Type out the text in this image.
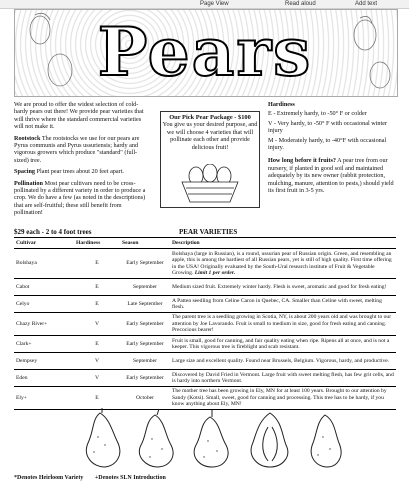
Page View	Read aloud	Add text
Pears

We are proud to offer the widest selection of cold-hardy pears out there! We provide pear varieties that will thrive where the standard commercial varieties will not make it.

Rootstock The rootstocks we use for our pears are Pyrus communis and Pyrus ussuriensis; hardy and vigorous growers which produce "standard" (full-sized) tree.

Spacing Plant pear trees about 20 feet apart.

Pollination Most pear cultivars need to be cross-pollinated by a different variety in order to produce a crop. We do have a few (as noted in the descriptions) that are self-fruitful; these still benefit from pollination!

Our Pick Pear Package - $100
You give us your desired purpose, and we will choose 4 varieties that will pollinate each other and provide delicious fruit!

Hardiness

E - Extremely hardy, to -50° F or colder

V - Very hardy, to -50° F with occasional winter injury

M - Moderately hardy, to -40°F with occasional injury.

How long before it fruits? A pear tree from our nursery, if planted in good soil and maintained adequately by its new owner (rabbit protection, mulching, manure, attention to pests,) should yield its first fruit in 3-5 yrs.

$29 each - 2 to 4 foot trees	PEAR VARIETIES
Cultivar	Hardiness	Season	Description
Bolshaya	E	Early September	Bolshaya (large in Russian), is a round, ussurian pear of Russian origin. Green, and resembling an apple, this is among the hardiest of all Russian pears, yet is still of high quality. First time offering in the USA! Originally evaluated by the South-Ural research institute of Fruit & Vegetable Growing. Limit 1 per order.
Cabot	E	September	Medium sized fruit. Extremely winter hardy. Flesh is sweet, aromatic and good for fresh eating!
Celyo	E	Late September	A Patten seedling from Celine Caron in Quebec, CA. Smaller than Celine with sweet, melting flesh.
Chazy River+	V	Early September	The parent tree is a seedling growing in Scotia, NY, is about 200 years old and was brought to our attention by Joe Lavorando. Fruit is small to medium in size, good for fresh eating and canning. Precocious bearer!
Clark+	E	Early September	Fruit is small, good for canning, and fair quality eating when ripe. Ripens all at once, and is not a keeper. This vigorous tree is fireblight and scab resistant.
Dempsey	V	September	Large size and excellent quality. Found near Brussels, Belgium. Vigorous, hardy, and productive.
Eden	V	Early September	Discovered by David Fried in Vermont. Large fruit with sweet melting flesh, has few grit cells, and is hardy into northern Vermont.
Ely+	E	October	The mother tree has been growing in Ely, MN for at least 100 years. Brought to our attention by Sandy (Kotsi). Small, sweet, good for canning and processing. This tree has to be hardy, if you know anything about Ely, MN!
*Denotes Heirloom Variety +Denotes SLN Introduction
